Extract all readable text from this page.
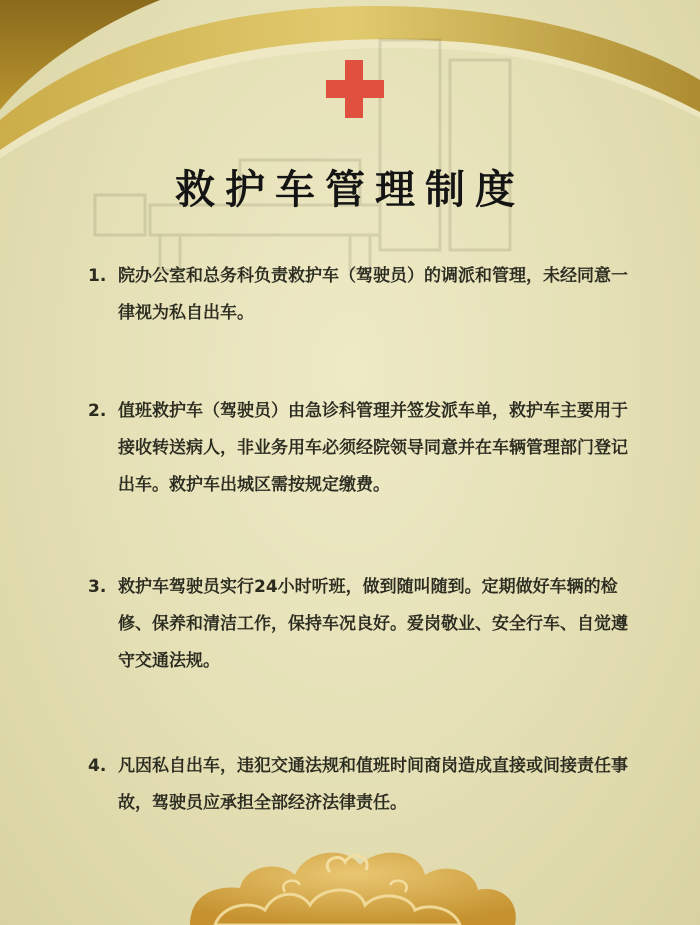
救护车管理制度
1. 院办公室和总务科负责救护车（驾驶员）的调派和管理，未经同意一律视为私自出车。
2. 值班救护车（驾驶员）由急诊科管理并签发派车单，救护车主要用于接收转送病人，非业务用车必须经院领导同意并在车辆管理部门登记出车。救护车出城区需按规定缴费。
3. 救护车驾驶员实行24小时听班，做到随叫随到。定期做好车辆的检修、保养和清洁工作，保持车况良好。爱岗敬业、安全行车、自觉遵守交通法规。
4. 凡因私自出车，违犯交通法规和值班时间商岗造成直接或间接责任事故，驾驶员应承担全部经济法律责任。
